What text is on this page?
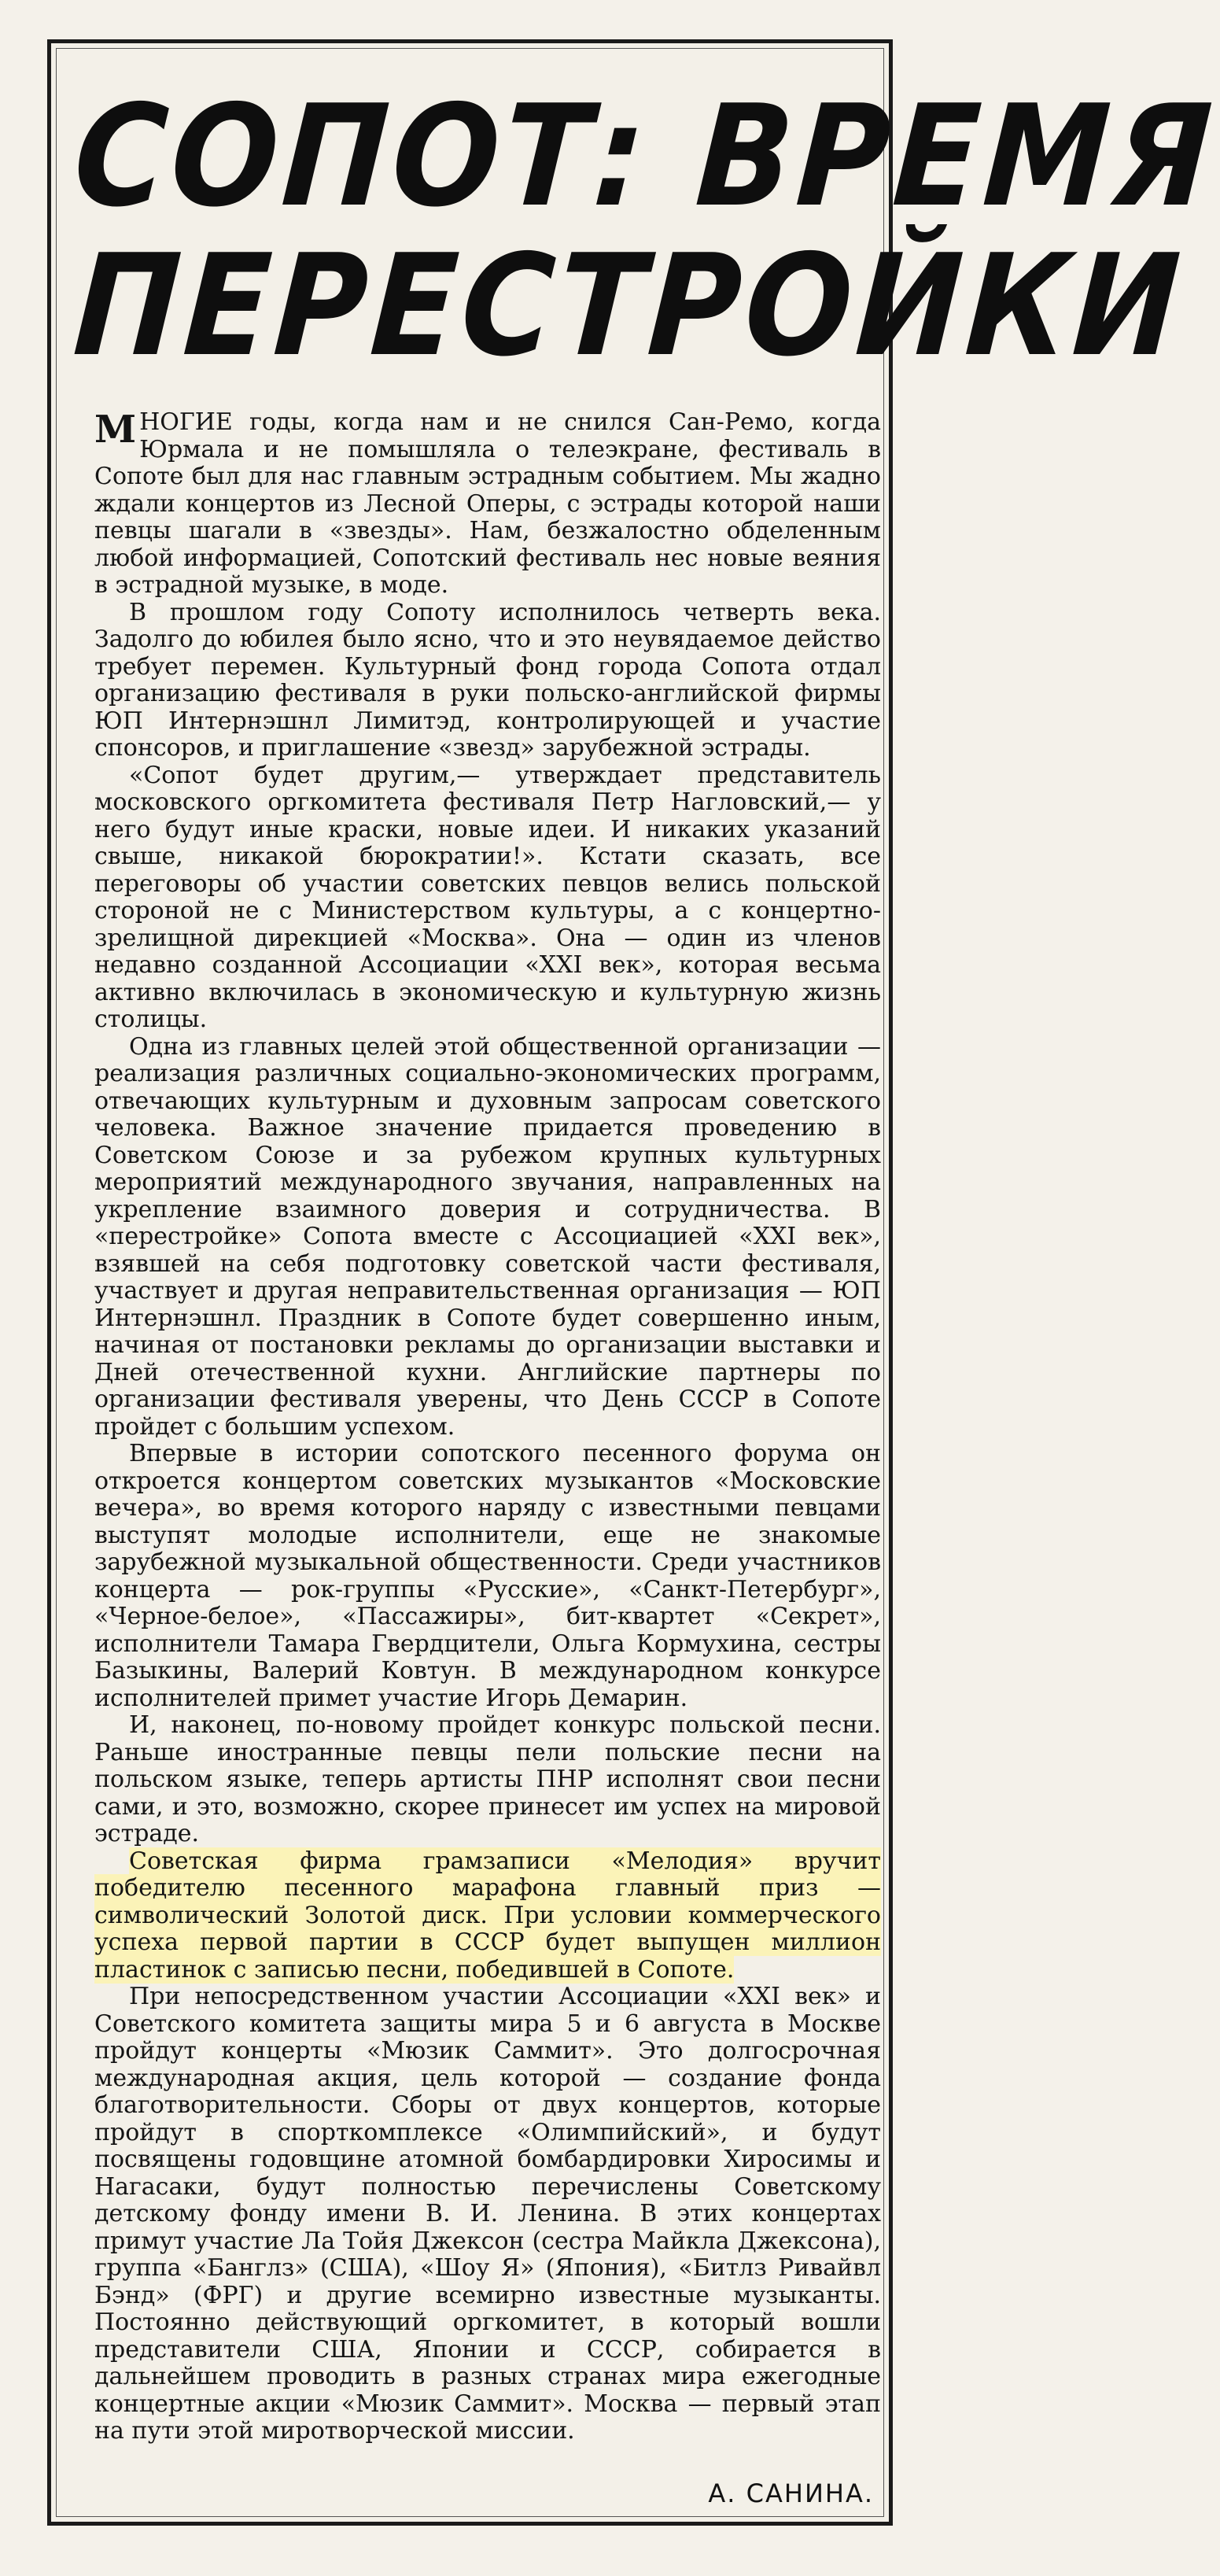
СОПОТ: ВРЕМЯ
ПЕРЕСТРОЙКИ

МНОГИЕ годы, когда нам и не снился Сан-Ремо, когда Юрмала и не помышляла о телеэкране, фестиваль в Сопоте был для нас главным эстрадным событием. Мы жадно ждали концертов из Лесной Оперы, с эстрады которой наши певцы шагали в «звезды». Нам, безжалостно обделенным любой информацией, Сопотский фестиваль нес новые веяния в эстрадной музыке, в моде.

В прошлом году Сопоту исполнилось четверть века. Задолго до юбилея было ясно, что и это неувядаемое действо требует перемен. Культурный фонд города Сопота отдал организацию фестиваля в руки польско-английской фирмы ЮП Интернэшнл Лимитэд, контролирующей и участие спонсоров, и приглашение «звезд» зарубежной эстрады.

«Сопот будет другим,— утверждает представитель московского оргкомитета фестиваля Петр Нагловский,— у него будут иные краски, новые идеи. И никаких указаний свыше, никакой бюрократии!». Кстати сказать, все переговоры об участии советских певцов велись польской стороной не с Министерством культуры, а с концертно-зрелищной дирекцией «Москва». Она — один из членов недавно созданной Ассоциации «XXI век», которая весьма активно включилась в экономическую и культурную жизнь столицы.

Одна из главных целей этой общественной организации — реализация различных социально-экономических программ, отвечающих культурным и духовным запросам советского человека. Важное значение придается проведению в Советском Союзе и за рубежом крупных культурных мероприятий международного звучания, направленных на укрепление взаимного доверия и сотрудничества. В «перестройке» Сопота вместе с Ассоциацией «XXI век», взявшей на себя подготовку советской части фестиваля, участвует и другая неправительственная организация — ЮП Интернэшнл. Праздник в Сопоте будет совершенно иным, начиная от постановки рекламы до организации выставки и Дней отечественной кухни. Английские партнеры по организации фестиваля уверены, что День СССР в Сопоте пройдет с большим успехом.

Впервые в истории сопотского песенного форума он откроется концертом советских музыкантов «Московские вечера», во время которого наряду с известными певцами выступят молодые исполнители, еще не знакомые зарубежной музыкальной общественности. Среди участников концерта — рок-группы «Русские», «Санкт-Петербург», «Черное-белое», «Пассажиры», бит-квартет «Секрет», исполнители Тамара Гвердцители, Ольга Кормухина, сестры Базыкины, Валерий Ковтун. В международном конкурсе исполнителей примет участие Игорь Демарин.

И, наконец, по-новому пройдет конкурс польской песни. Раньше иностранные певцы пели польские песни на польском языке, теперь артисты ПНР исполнят свои песни сами, и это, возможно, скорее принесет им успех на мировой эстраде.

Советская фирма грамзаписи «Мелодия» вручит победителю песенного марафона главный приз — символический Золотой диск. При условии коммерческого успеха первой партии в СССР будет выпущен миллион пластинок с записью песни, победившей в Сопоте.

При непосредственном участии Ассоциации «XXI век» и Советского комитета защиты мира 5 и 6 августа в Москве пройдут концерты «Мюзик Саммит». Это долгосрочная международная акция, цель которой — создание фонда благотворительности. Сборы от двух концертов, которые пройдут в спорткомплексе «Олимпийский», и будут посвящены годовщине атомной бомбардировки Хиросимы и Нагасаки, будут полностью перечислены Советскому детскому фонду имени В. И. Ленина. В этих концертах примут участие Ла Тойя Джексон (сестра Майкла Джексона), группа «Банглз» (США), «Шоу Я» (Япония), «Битлз Ривайвл Бэнд» (ФРГ) и другие всемирно известные музыканты. Постоянно действующий оргкомитет, в который вошли представители США, Японии и СССР, собирается в дальнейшем проводить в разных странах мира ежегодные концертные акции «Мюзик Саммит». Москва — первый этап на пути этой миротворческой миссии.

А. САНИНА.
